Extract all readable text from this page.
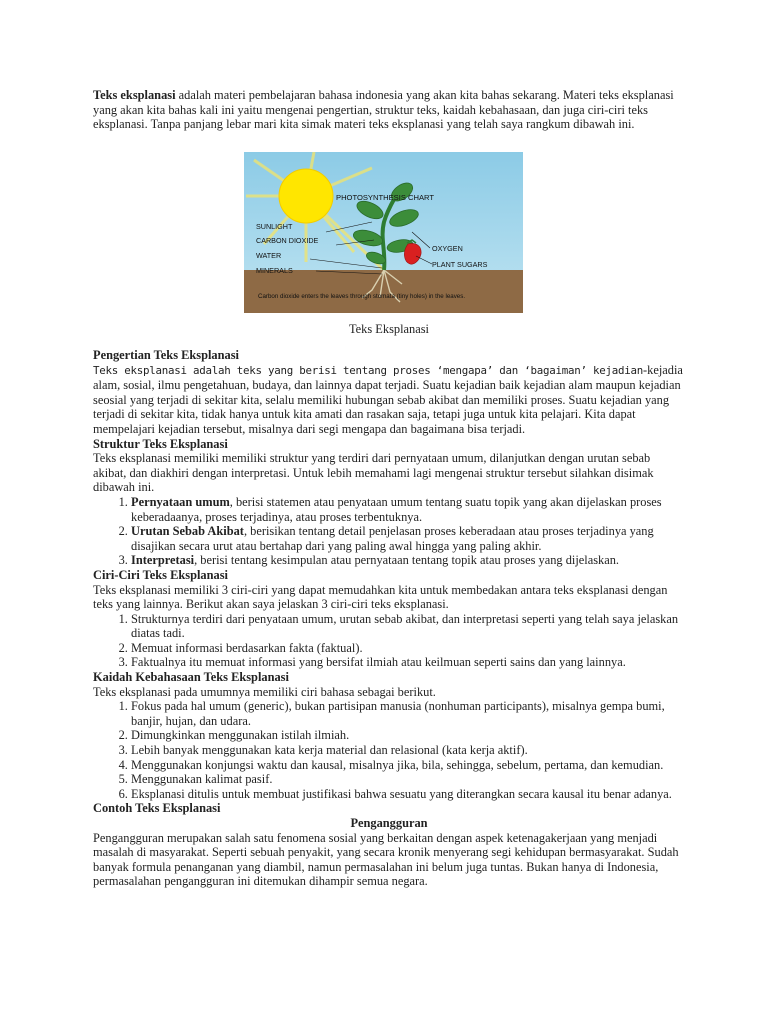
Teks eksplanasi adalah materi pembelajaran bahasa indonesia yang akan kita bahas sekarang. Materi teks eksplanasi yang akan kita bahas kali ini yaitu mengenai pengertian, struktur teks, kaidah kebahasaan, dan juga ciri-ciri teks eksplanasi. Tanpa panjang lebar mari kita simak materi teks eksplanasi yang telah saya rangkum dibawah ini.

PHOTOSYNTHESIS CHART
SUNLIGHT
CARBON DIOXIDE
WATER
MINERALS
OXYGEN
PLANT SUGARS
Carbon dioxide enters the leaves through stomata (tiny holes) in the leaves.

Teks Eksplanasi

Pengertian Teks Eksplanasi

Teks eksplanasi adalah teks yang berisi tentang proses ‘mengapa’ dan ‘bagaiman’ kejadian-kejadia alam, sosial, ilmu pengetahuan, budaya, dan lainnya dapat terjadi. Suatu kejadian baik kejadian alam maupun kejadian seosial yang terjadi di sekitar kita, selalu memiliki hubungan sebab akibat dan memiliki proses. Suatu kejadian yang terjadi di sekitar kita, tidak hanya untuk kita amati dan rasakan saja, tetapi juga untuk kita pelajari. Kita dapat mempelajari kejadian tersebut, misalnya dari segi mengapa dan bagaimana bisa terjadi.

Struktur Teks Eksplanasi

Teks eksplanasi memiliki memiliki struktur yang terdiri dari pernyataan umum, dilanjutkan dengan urutan sebab akibat, dan diakhiri dengan interpretasi. Untuk lebih memahami lagi mengenai struktur tersebut silahkan disimak dibawah ini.

1. Pernyataan umum, berisi statemen atau penyataan umum tentang suatu topik yang akan dijelaskan proses keberadaanya, proses terjadinya, atau proses terbentuknya.
2. Urutan Sebab Akibat, berisikan tentang detail penjelasan proses keberadaan atau proses terjadinya yang disajikan secara urut atau bertahap dari yang paling awal hingga yang paling akhir.
3. Interpretasi, berisi tentang kesimpulan atau pernyataan tentang topik atau proses yang dijelaskan.

Ciri-Ciri Teks Eksplanasi

Teks eksplanasi memiliki 3 ciri-ciri yang dapat memudahkan kita untuk membedakan antara teks eksplanasi dengan teks yang lainnya. Berikut akan saya jelaskan 3 ciri-ciri teks eksplanasi.

1. Strukturnya terdiri dari penyataan umum, urutan sebab akibat, dan interpretasi seperti yang telah saya jelaskan diatas tadi.
2. Memuat informasi berdasarkan fakta (faktual).
3. Faktualnya itu memuat informasi yang bersifat ilmiah atau keilmuan seperti sains dan yang lainnya.

Kaidah Kebahasaan Teks Eksplanasi

Teks eksplanasi pada umumnya memiliki ciri bahasa sebagai berikut.

1. Fokus pada hal umum (generic), bukan partisipan manusia (nonhuman participants), misalnya gempa bumi, banjir, hujan, dan udara.
2. Dimungkinkan menggunakan istilah ilmiah.
3. Lebih banyak menggunakan kata kerja material dan relasional (kata kerja aktif).
4. Menggunakan konjungsi waktu dan kausal, misalnya jika, bila, sehingga, sebelum, pertama, dan kemudian.
5. Menggunakan kalimat pasif.
6. Eksplanasi ditulis untuk membuat justifikasi bahwa sesuatu yang diterangkan secara kausal itu benar adanya.

Contoh Teks Eksplanasi

Pengangguran

Pengangguran merupakan salah satu fenomena sosial yang berkaitan dengan aspek ketenagakerjaan yang menjadi masalah di masyarakat. Seperti sebuah penyakit, yang secara kronik menyerang segi kehidupan bermasyarakat. Sudah banyak formula penanganan yang diambil, namun permasalahan ini belum juga tuntas. Bukan hanya di Indonesia, permasalahan pengangguran ini ditemukan dihampir semua negara.
